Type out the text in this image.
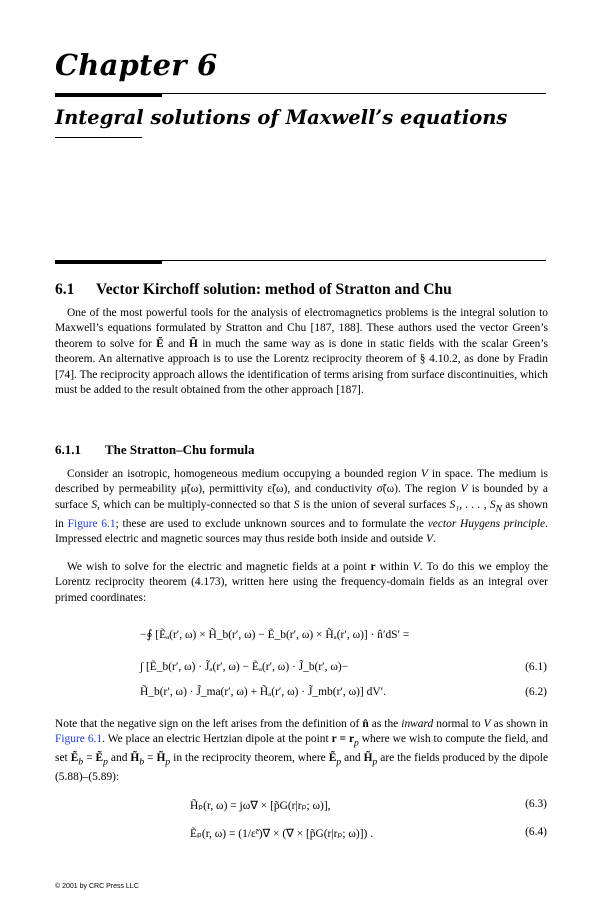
Chapter 6
Integral solutions of Maxwell’s equations
6.1 Vector Kirchoff solution: method of Stratton and Chu

One of the most powerful tools for the analysis of electromagnetics problems is the integral solution to Maxwell’s equations formulated by Stratton and Chu [187, 188]. These authors used the vector Green’s theorem to solve for Ẽ and H̃ in much the same way as is done in static fields with the scalar Green’s theorem. An alternative approach is to use the Lorentz reciprocity theorem of § 4.10.2, as done by Fradin [74]. The reciprocity approach allows the identification of terms arising from surface discontinuities, which must be added to the result obtained from the other approach [187].

6.1.1 The Stratton–Chu formula

Consider an isotropic, homogeneous medium occupying a bounded region V in space. The medium is described by permeability μ̃(ω), permittivity ε̃(ω), and conductivity σ̃(ω). The region V is bounded by a surface S, which can be multiply-connected so that S is the union of several surfaces S₁, . . . , $S_N$ as shown in Figure 6.1; these are used to exclude unknown sources and to formulate the vector Huygens principle. Impressed electric and magnetic sources may thus reside both inside and outside V.

We wish to solve for the electric and magnetic fields at a point r within V. To do this we employ the Lorentz reciprocity theorem (4.173), written here using the frequency-domain fields as an integral over primed coordinates:

−∮ [Ẽₐ(r′, ω) × H̃_b(r′, ω) − Ẽ_b(r′, ω) × H̃ₐ(r′, ω)] · n̂′dS′ =
∫ [Ẽ_b(r′, ω) · J̃ₐ(r′, ω) − Ẽₐ(r′, ω) · J̃_b(r′, ω)−	(6.1)
H̃_b(r′, ω) · J̃_ma(r′, ω) + H̃ₐ(r′, ω) · J̃_mb(r′, ω)] dV′.	(6.2)

Note that the negative sign on the left arises from the definition of n̂ as the inward normal to V as shown in Figure 6.1. We place an electric Hertzian dipole at the point $r = r_p$ where we wish to compute the field, and set Ẽ$_b$ = Ẽ$_p$ and $H̃_b$ = $H̃_p$ in the reciprocity theorem, where Ẽ$_p$ and $H̃_p$ are the fields produced by the dipole (5.88)–(5.89):

H̃ₚ(r, ω) = jω∇ × [p̃G(r|rₚ; ω)],	(6.3)
Ẽₚ(r, ω) = (1/ε̃ᶜ)∇ × (∇ × [p̃G(r|rₚ; ω)]) .	(6.4)
© 2001 by CRC Press LLC
